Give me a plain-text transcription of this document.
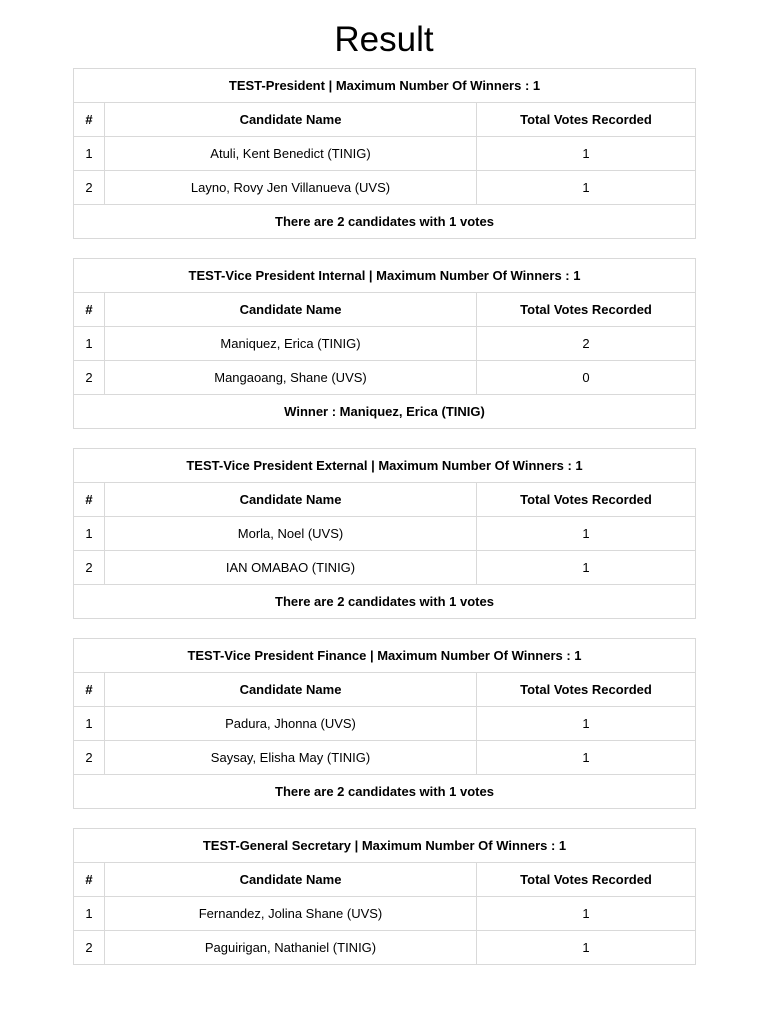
Result
TEST-President | Maximum Number Of Winners : 1		
#	Candidate Name	Total Votes Recorded
1	Atuli, Kent Benedict (TINIG)	1
2	Layno, Rovy Jen Villanueva (UVS)	1
There are 2 candidates with 1 votes		
TEST-Vice President Internal | Maximum Number Of Winners : 1		
#	Candidate Name	Total Votes Recorded
1	Maniquez, Erica (TINIG)	2
2	Mangaoang, Shane (UVS)	0
Winner : Maniquez, Erica (TINIG)		
TEST-Vice President External | Maximum Number Of Winners : 1		
#	Candidate Name	Total Votes Recorded
1	Morla, Noel (UVS)	1
2	IAN OMABAO (TINIG)	1
There are 2 candidates with 1 votes		
TEST-Vice President Finance | Maximum Number Of Winners : 1		
#	Candidate Name	Total Votes Recorded
1	Padura, Jhonna (UVS)	1
2	Saysay, Elisha May (TINIG)	1
There are 2 candidates with 1 votes		
TEST-General Secretary | Maximum Number Of Winners : 1		
#	Candidate Name	Total Votes Recorded
1	Fernandez, Jolina Shane (UVS)	1
2	Paguirigan, Nathaniel (TINIG)	1
